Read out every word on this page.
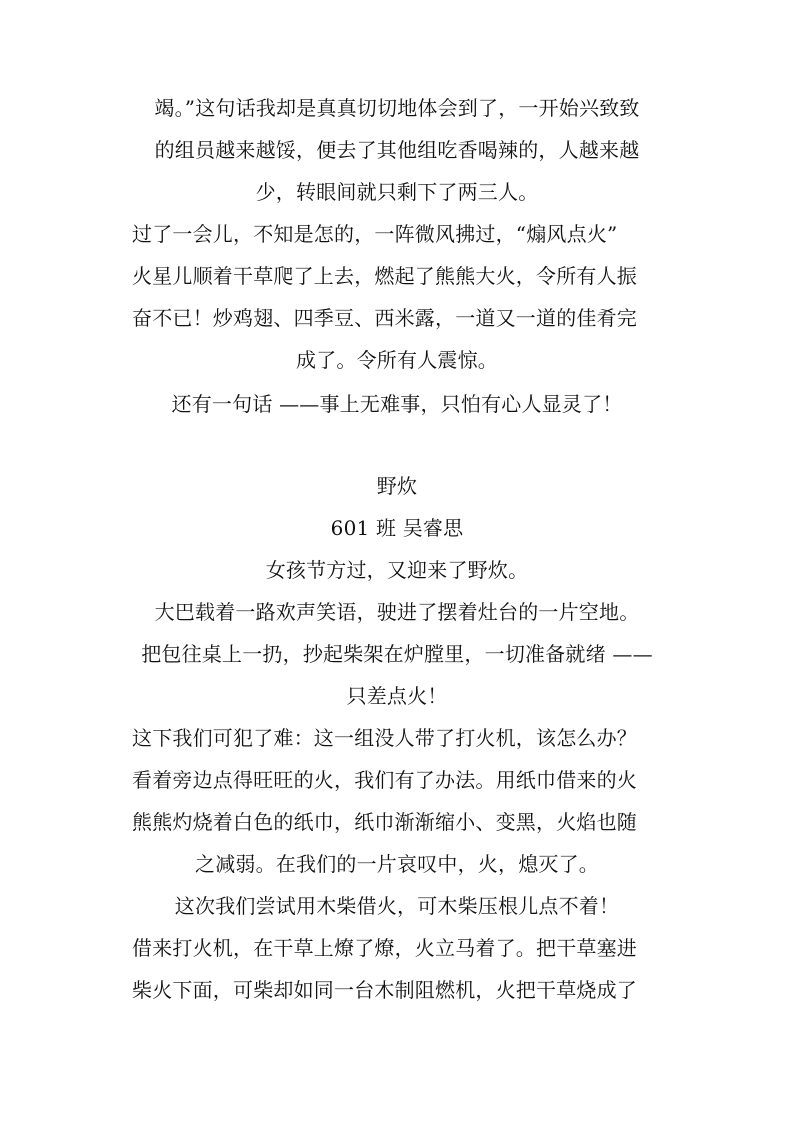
竭。”这句话我却是真真切切地体会到了，一开始兴致致
的组员越来越馁，便去了其他组吃香喝辣的，人越来越
少，转眼间就只剩下了两三人。
过了一会儿，不知是怎的，一阵微风拂过，“煽风点火”
火星儿顺着干草爬了上去，燃起了熊熊大火，令所有人振
奋不已！炒鸡翅、四季豆、西米露，一道又一道的佳肴完
成了。令所有人震惊。
还有一句话 ——事上无难事，只怕有心人显灵了！
野炊
601 班 吴睿思
女孩节方过，又迎来了野炊。
大巴载着一路欢声笑语，驶进了摆着灶台的一片空地。
把包往桌上一扔，抄起柴架在炉膛里，一切准备就绪 ——
只差点火！
这下我们可犯了难：这一组没人带了打火机，该怎么办？
看着旁边点得旺旺的火，我们有了办法。用纸巾借来的火
熊熊灼烧着白色的纸巾，纸巾渐渐缩小、变黑，火焰也随
之减弱。在我们的一片哀叹中，火，熄灭了。
这次我们尝试用木柴借火，可木柴压根儿点不着！
借来打火机，在干草上燎了燎，火立马着了。把干草塞进
柴火下面，可柴却如同一台木制阻燃机，火把干草烧成了
